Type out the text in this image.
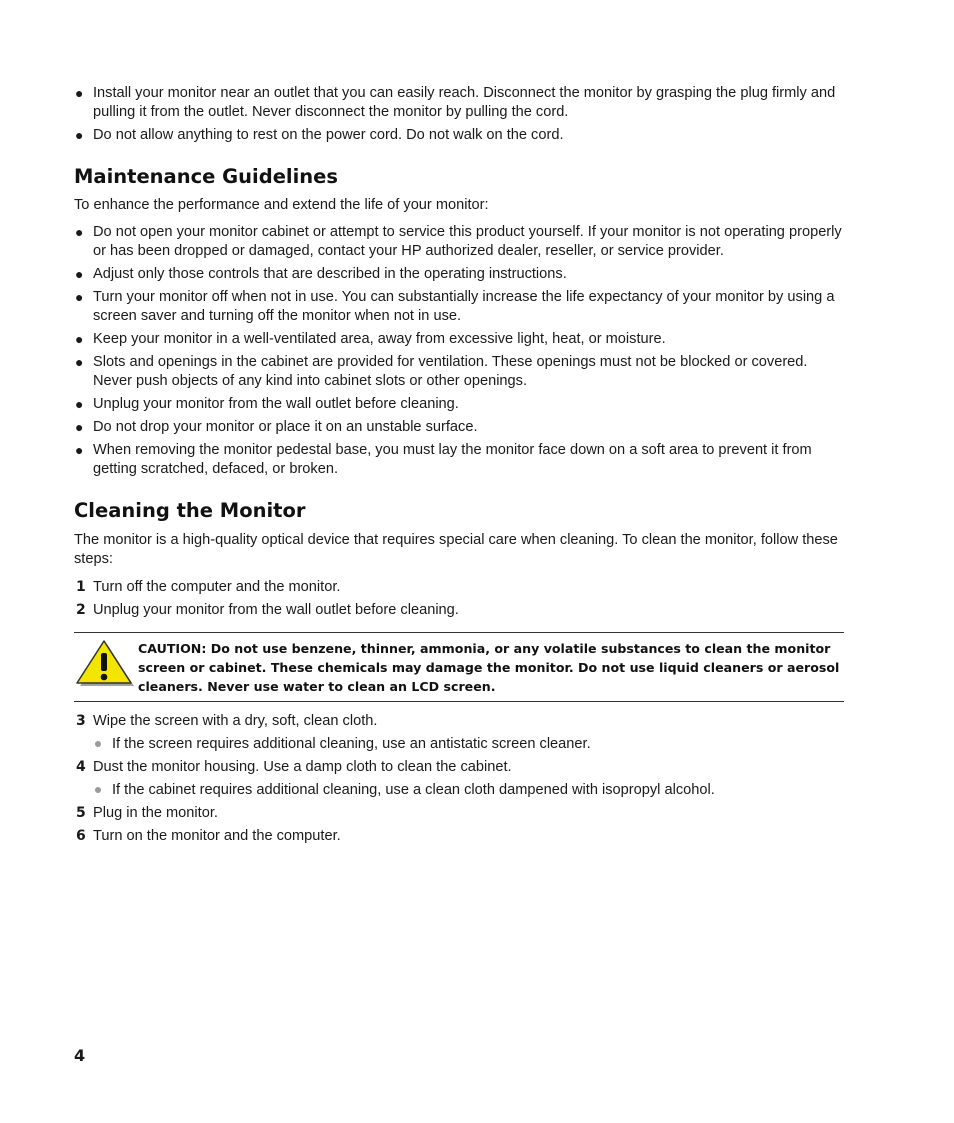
● Install your monitor near an outlet that you can easily reach. Disconnect the monitor by grasping the plug firmly and pulling it from the outlet. Never disconnect the monitor by pulling the cord.
● Do not allow anything to rest on the power cord. Do not walk on the cord.
Maintenance Guidelines

To enhance the performance and extend the life of your monitor:

● Do not open your monitor cabinet or attempt to service this product yourself. If your monitor is not operating properly or has been dropped or damaged, contact your HP authorized dealer, reseller, or service provider.
● Adjust only those controls that are described in the operating instructions.
● Turn your monitor off when not in use. You can substantially increase the life expectancy of your monitor by using a screen saver and turning off the monitor when not in use.
● Keep your monitor in a well-ventilated area, away from excessive light, heat, or moisture.
● Slots and openings in the cabinet are provided for ventilation. These openings must not be blocked or covered. Never push objects of any kind into cabinet slots or other openings.
● Unplug your monitor from the wall outlet before cleaning.
● Do not drop your monitor or place it on an unstable surface.
● When removing the monitor pedestal base, you must lay the monitor face down on a soft area to prevent it from getting scratched, defaced, or broken.
Cleaning the Monitor

The monitor is a high-quality optical device that requires special care when cleaning. To clean the monitor, follow these steps:

1 Turn off the computer and the monitor.
2 Unplug your monitor from the wall outlet before cleaning.
CAUTION: Do not use benzene, thinner, ammonia, or any volatile substances to clean the monitor screen or cabinet. These chemicals may damage the monitor. Do not use liquid cleaners or aerosol cleaners. Never use water to clean an LCD screen.
3 Wipe the screen with a dry, soft, clean cloth.
If the screen requires additional cleaning, use an antistatic screen cleaner.
4 Dust the monitor housing. Use a damp cloth to clean the cabinet.
If the cabinet requires additional cleaning, use a clean cloth dampened with isopropyl alcohol.
5 Plug in the monitor.
6 Turn on the monitor and the computer.
4
